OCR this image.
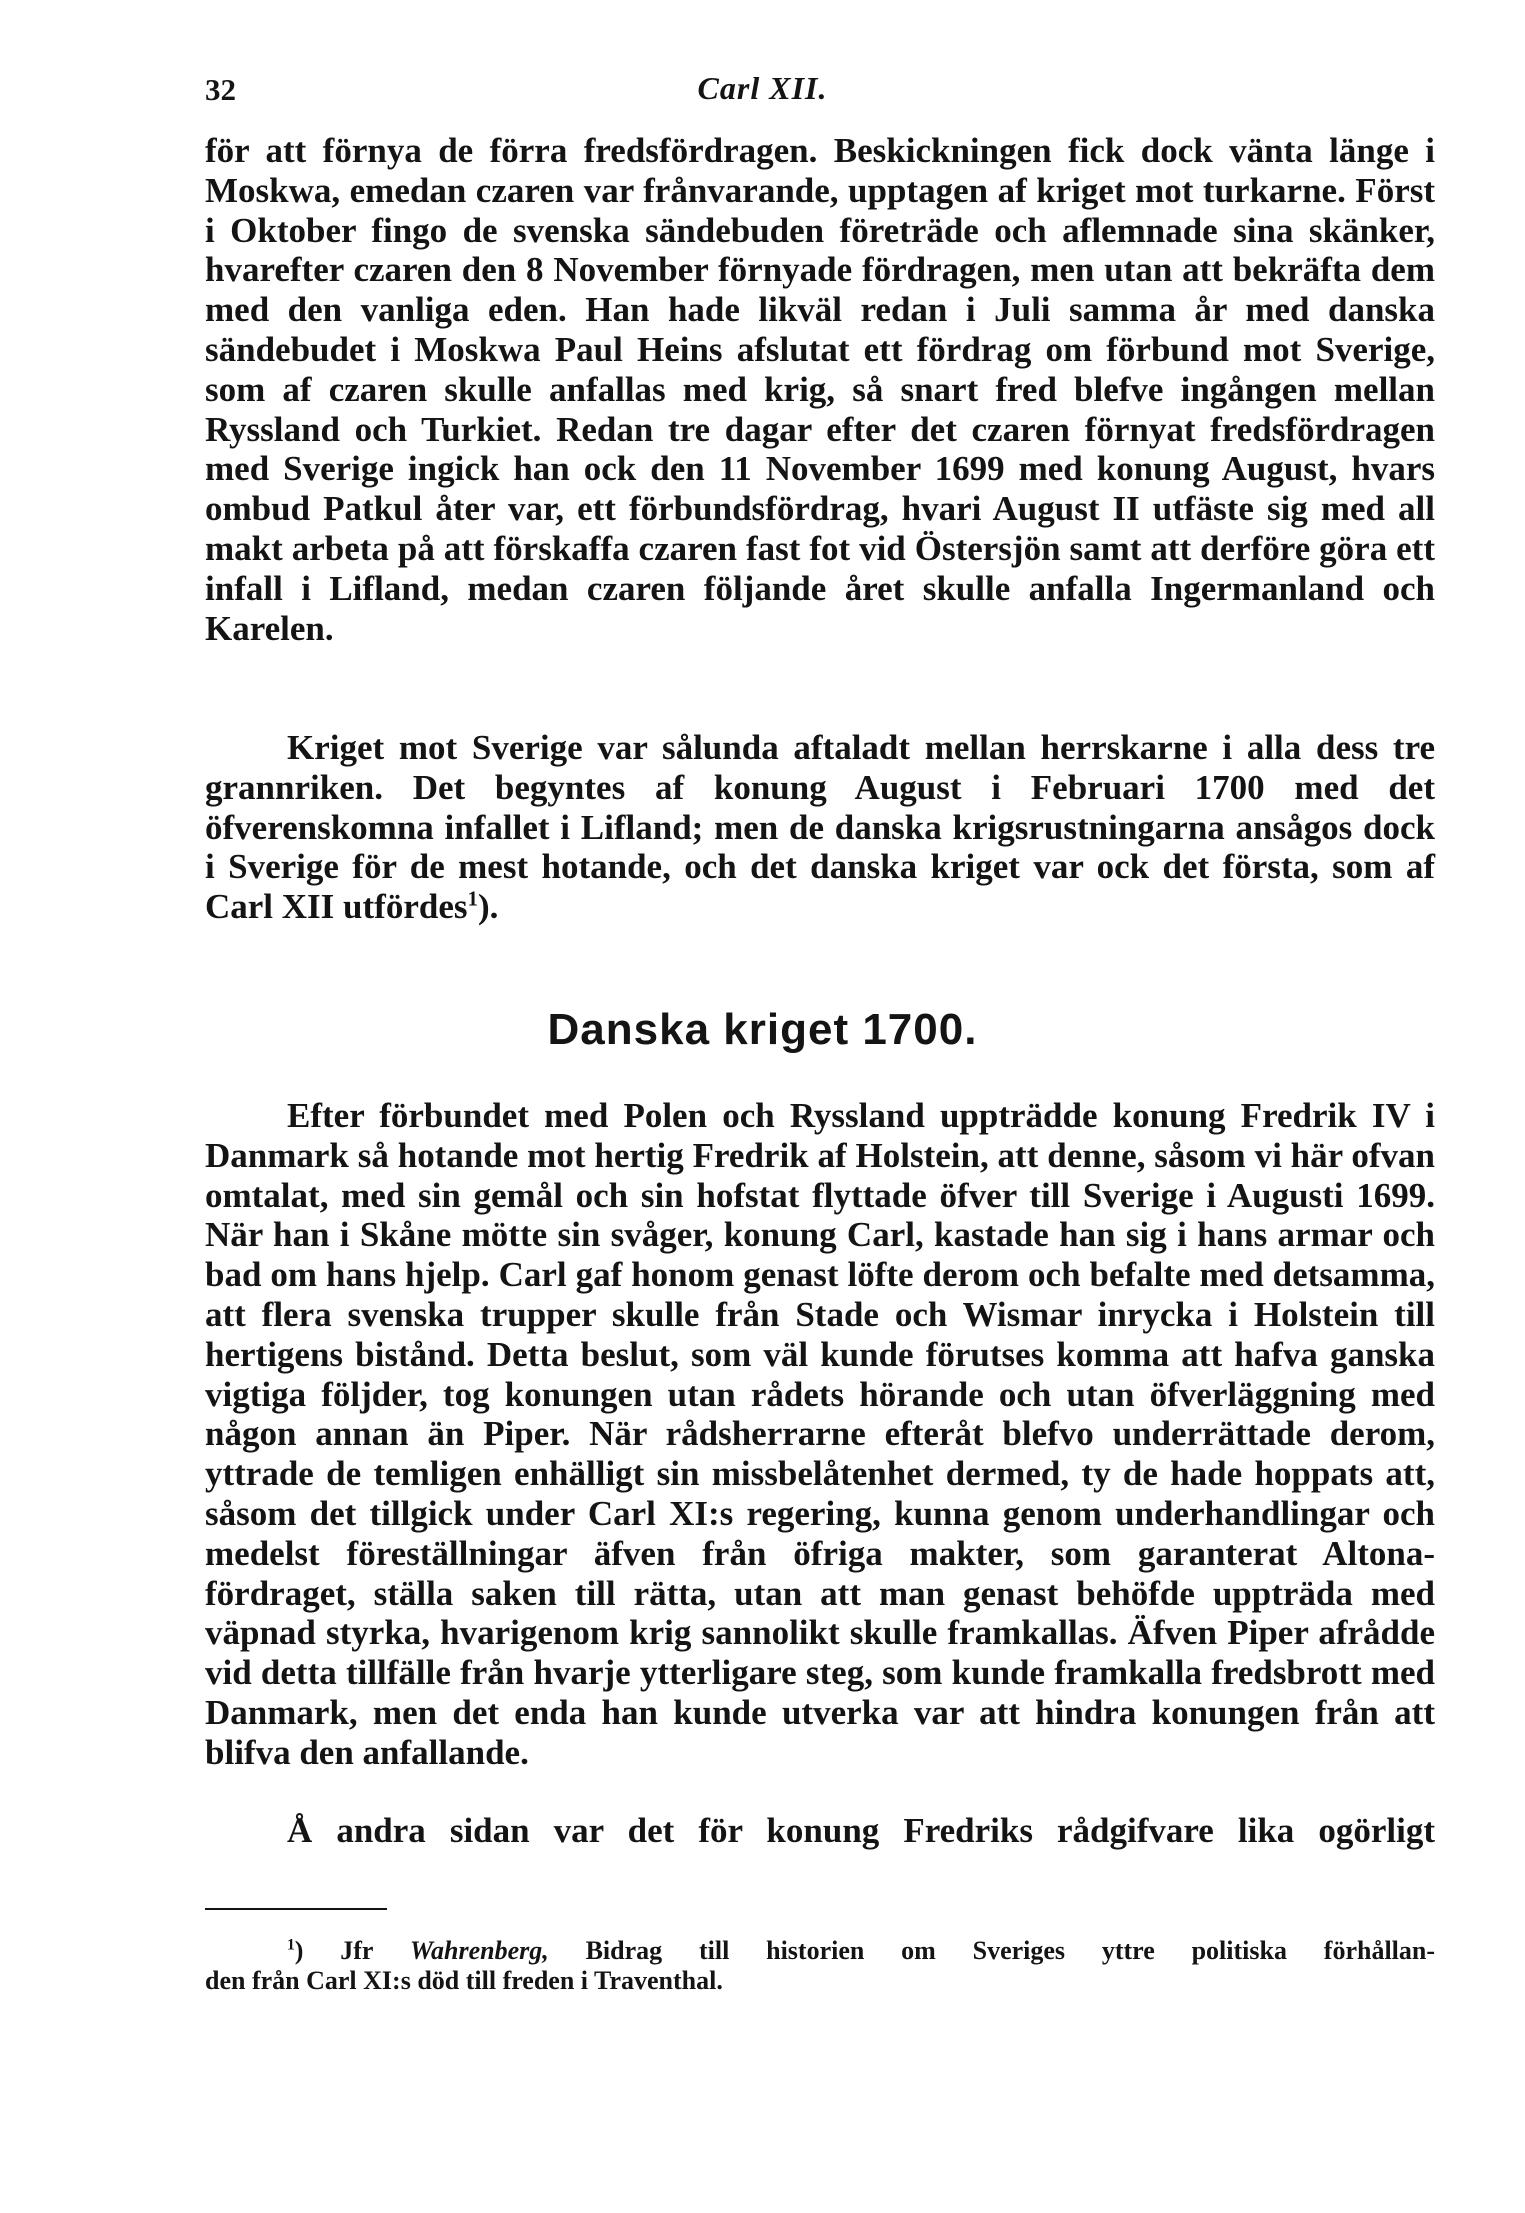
32	Carl XII.

för att förnya de förra fredsfördragen. Beskickningen fick dock vänta länge i Moskwa, emedan czaren var frånvarande, upptagen af kriget mot turkarne. Först i Oktober fingo de svenska sändebuden företräde och aflemnade sina skänker, hvarefter czaren den 8 November förnyade fördragen, men utan att bekräfta dem med den vanliga eden. Han hade likväl redan i Juli samma år med danska sändebudet i Moskwa Paul Heins afslutat ett fördrag om förbund mot Sverige, som af czaren skulle anfallas med krig, så snart fred blefve ingången mellan Ryssland och Turkiet. Redan tre dagar efter det czaren förnyat fredsfördragen med Sverige ingick han ock den 11 November 1699 med konung August, hvars ombud Patkul åter var, ett förbundsfördrag, hvari August II utfäste sig med all makt arbeta på att förskaffa czaren fast fot vid Östersjön samt att derföre göra ett infall i Lifland, medan czaren följande året skulle anfalla Ingermanland och Karelen.

Kriget mot Sverige var sålunda aftaladt mellan herrskarne i alla dess tre grannriken. Det begyntes af konung August i Februari 1700 med det öfverenskomna infallet i Lifland; men de danska krigsrustningarna ansågos dock i Sverige för de mest hotande, och det danska kriget var ock det första, som af Carl XII utfördes$^1$).

Danska kriget 1700.

Efter förbundet med Polen och Ryssland uppträdde konung Fredrik IV i Danmark så hotande mot hertig Fredrik af Holstein, att denne, såsom vi här ofvan omtalat, med sin gemål och sin hofstat flyttade öfver till Sverige i Augusti 1699. När han i Skåne mötte sin svåger, konung Carl, kastade han sig i hans armar och bad om hans hjelp. Carl gaf honom genast löfte derom och befalte med detsamma, att flera svenska trupper skulle från Stade och Wismar inrycka i Holstein till hertigens bistånd. Detta beslut, som väl kunde förutses komma att hafva ganska vigtiga följder, tog konungen utan rådets hörande och utan öfverläggning med någon annan än Piper. När rådsherrarne efteråt blefvo underrättade derom, yttrade de temligen enhälligt sin missbelåtenhet dermed, ty de hade hoppats att, såsom det tillgick under Carl XI:s regering, kunna genom underhandlingar och medelst föreställningar äfven från öfriga makter, som garanterat Altona-fördraget, ställa saken till rätta, utan att man genast behöfde uppträda med väpnad styrka, hvarigenom krig sannolikt skulle framkallas. Äfven Piper afrådde vid detta tillfälle från hvarje ytterligare steg, som kunde framkalla fredsbrott med Danmark, men det enda han kunde utverka var att hindra konungen från att blifva den anfallande.

Å andra sidan var det för konung Fredriks rådgifvare lika ogörligt

$^1$) Jfr Wahrenberg, Bidrag till historien om Sveriges yttre politiska förhållan-
den från Carl XI:s död till freden i Traventhal.
